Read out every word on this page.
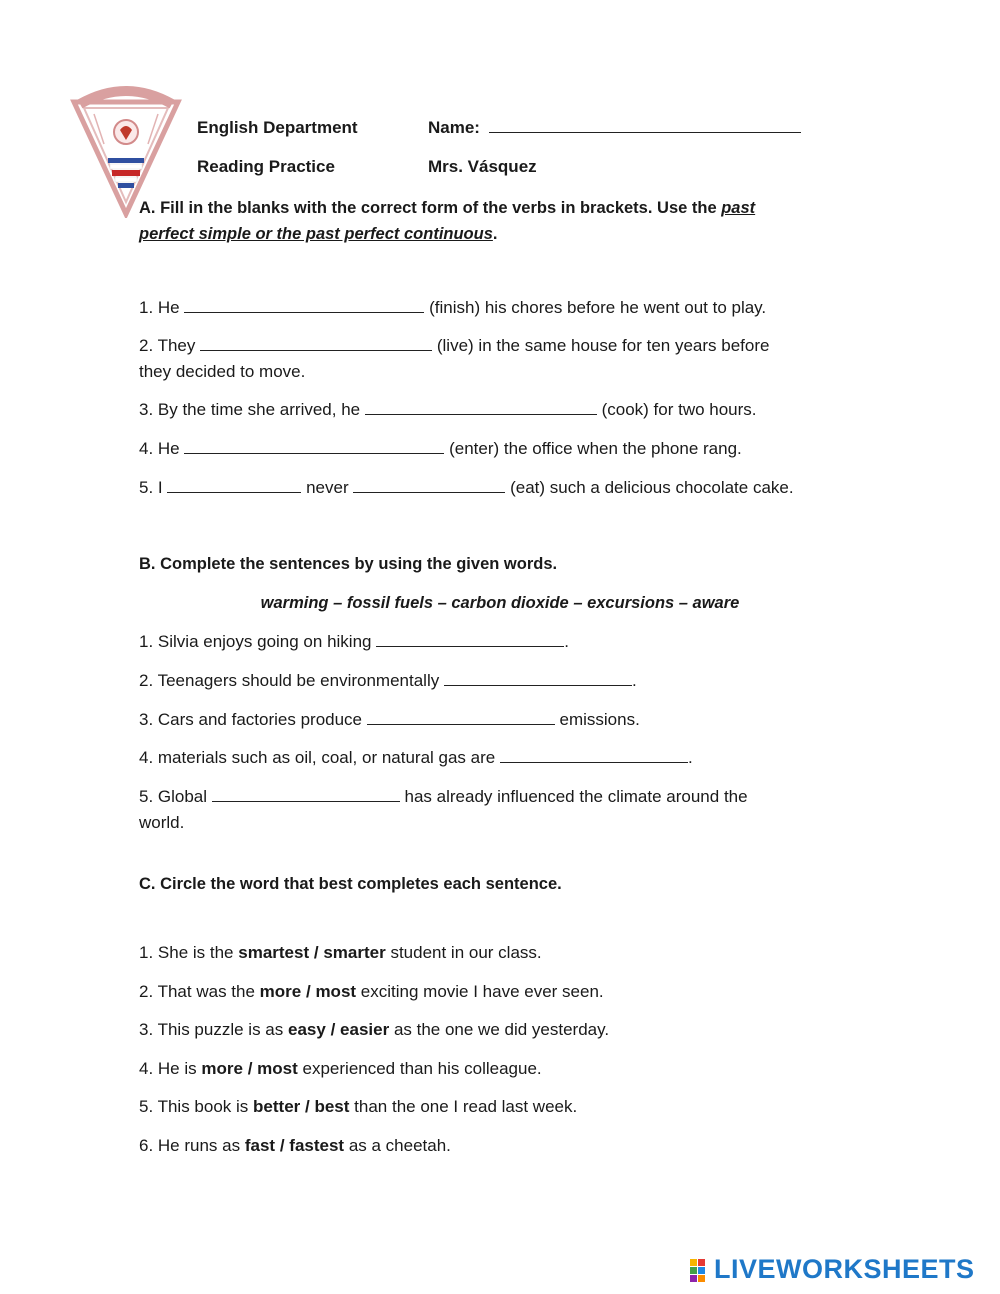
English Department	Name:
Reading Practice	Mrs. Vásquez
A. Fill in the blanks with the correct form of the verbs in brackets. Use the past
perfect simple or the past perfect continuous.
1. He	(finish) his chores before he went out to play.
2. They	(live) in the same house for ten years before
they decided to move.
3. By the time she arrived, he	(cook) for two hours.
4. He	(enter) the office when the phone rang.
5. I	never	(eat) such a delicious chocolate cake.
B. Complete the sentences by using the given words.
warming – fossil fuels – carbon dioxide – excursions – aware
1. Silvia enjoys going on hiking	.
2. Teenagers should be environmentally	.
3. Cars and factories produce	emissions.
4. materials such as oil, coal, or natural gas are	.
5. Global	has already influenced the climate around the
world.
C. Circle the word that best completes each sentence.
1. She is the smartest / smarter student in our class.
2. That was the more / most exciting movie I have ever seen.
3. This puzzle is as easy / easier as the one we did yesterday.
4. He is more / most experienced than his colleague.
5. This book is better / best than the one I read last week.
6. He runs as fast / fastest as a cheetah.
LIVEWORKSHEETS
